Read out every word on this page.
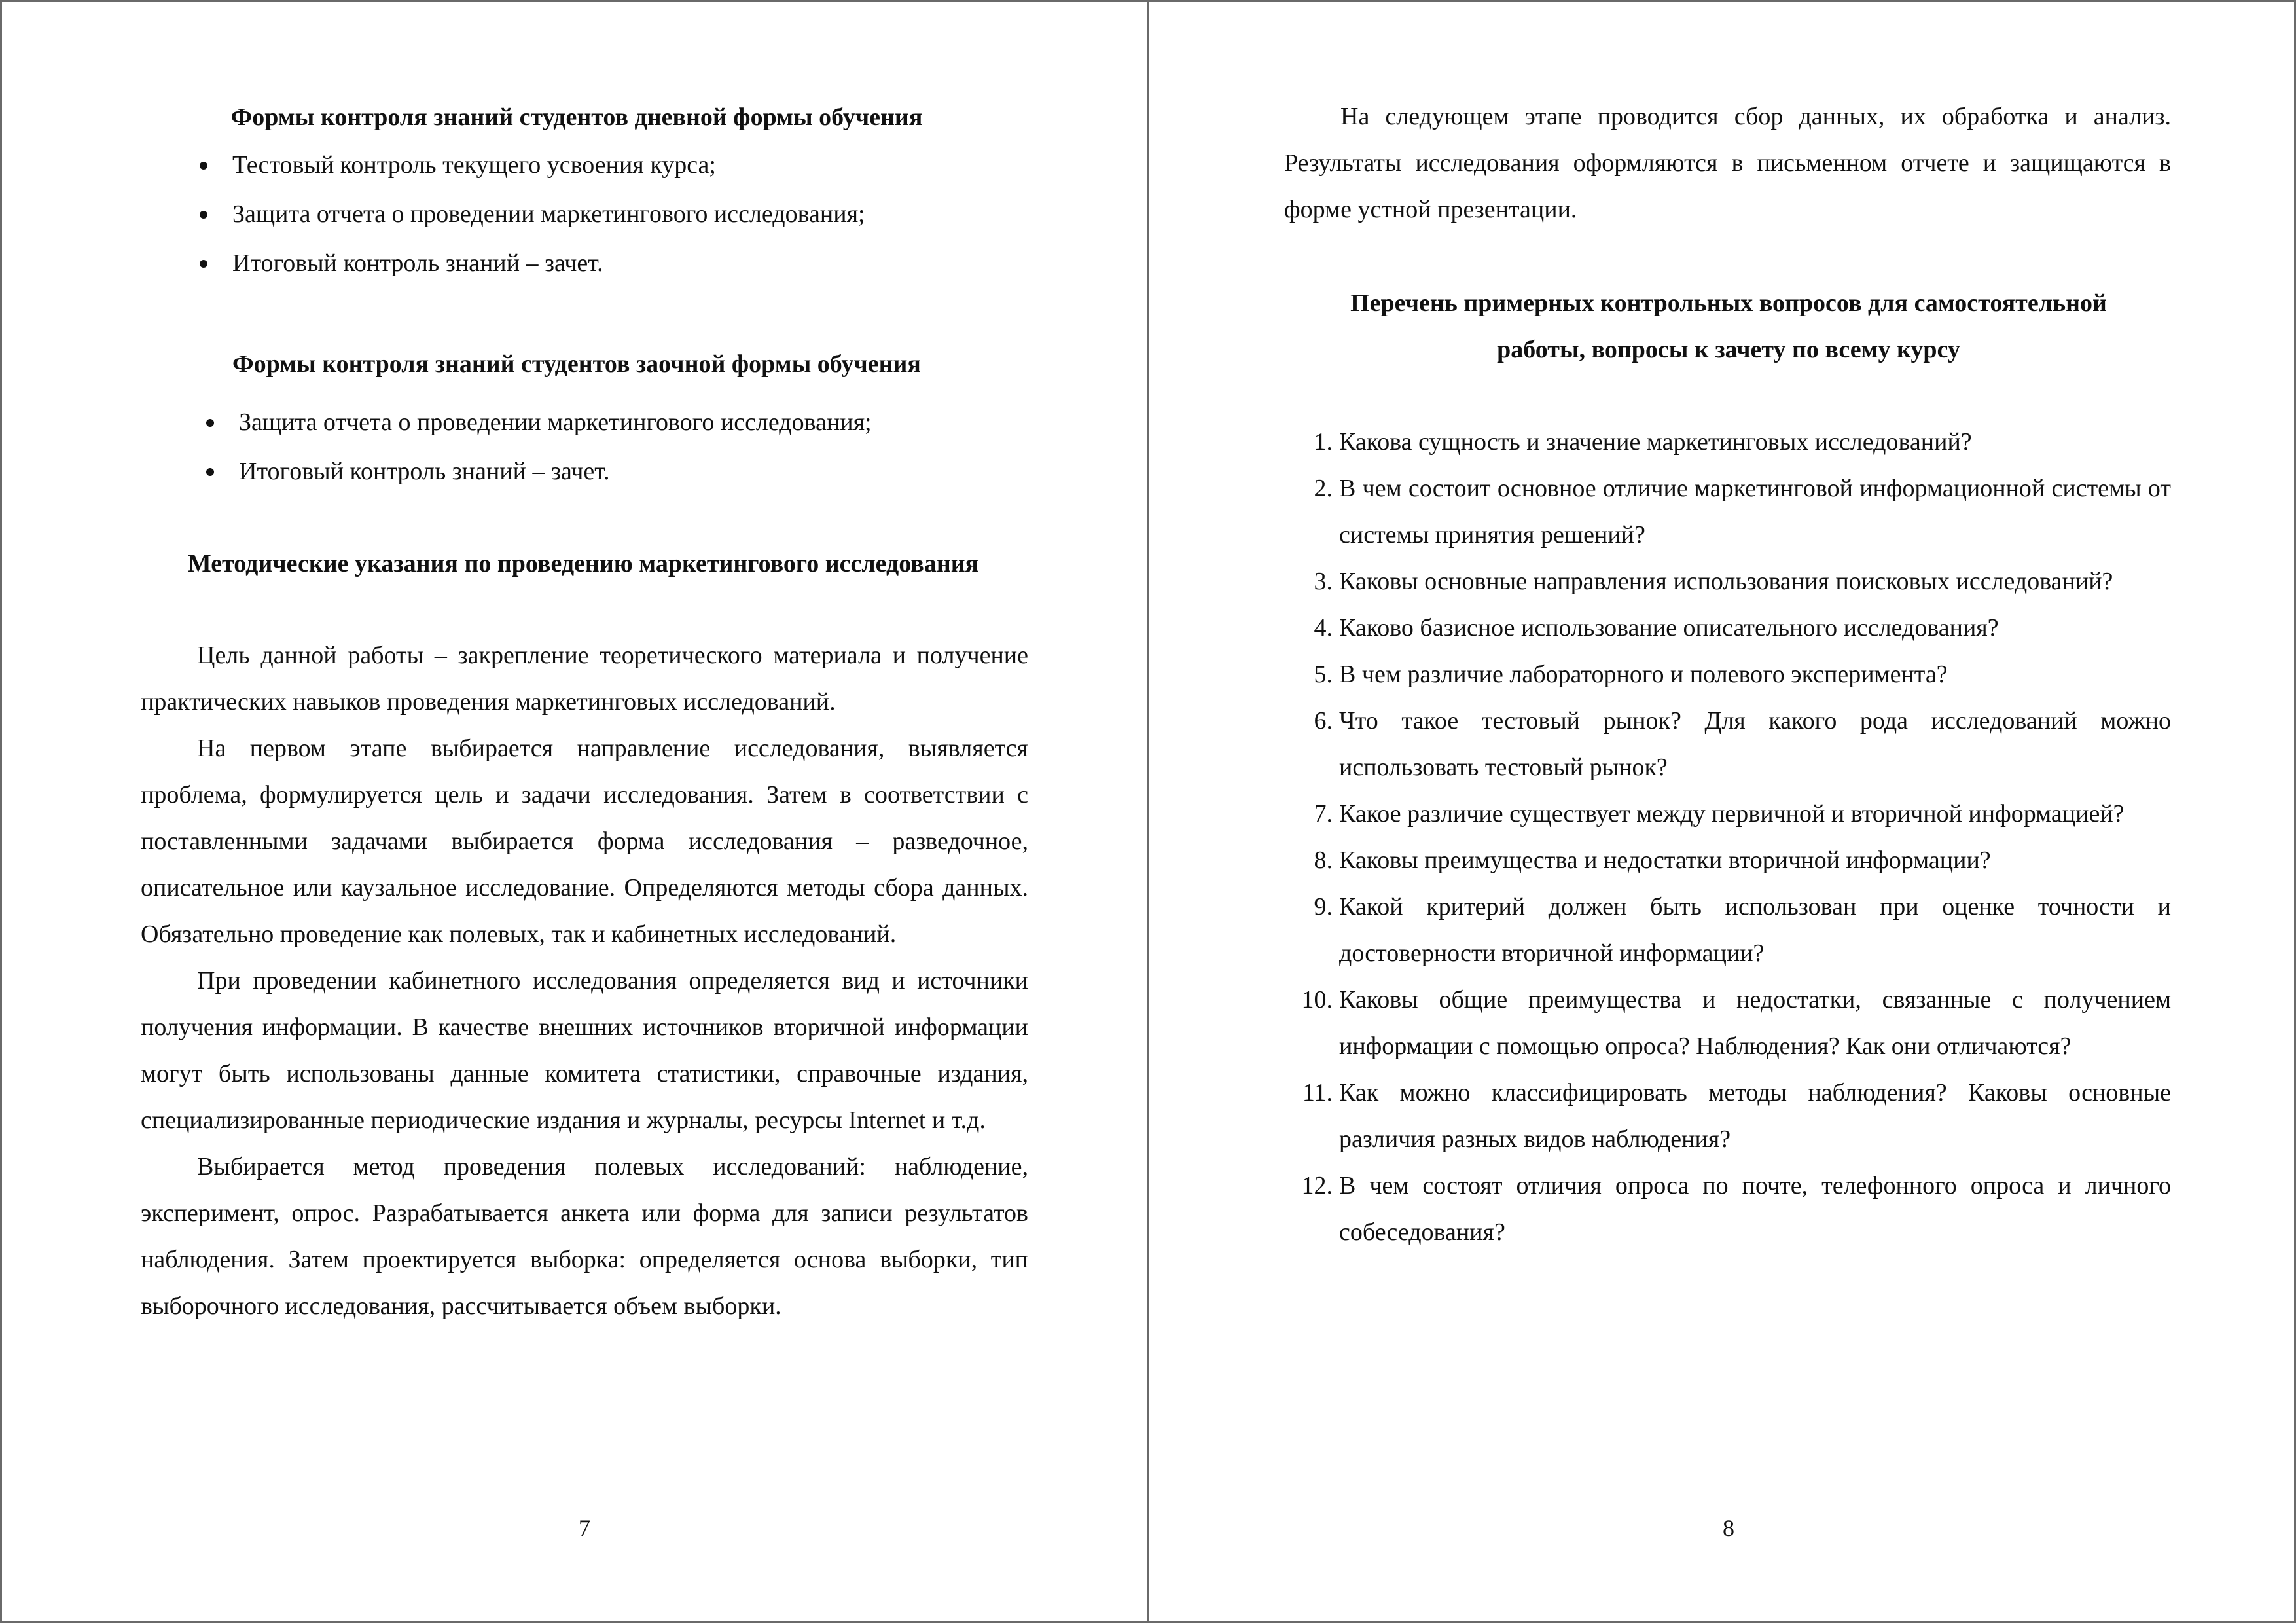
Формы контроля знаний студентов дневной формы обучения
Тестовый контроль текущего усвоения курса;
Защита отчета о проведении маркетингового исследования;
Итоговый контроль знаний – зачет.
Формы контроля знаний студентов заочной формы обучения
Защита отчета о проведении маркетингового исследования;
Итоговый контроль знаний – зачет.
Методические указания по проведению маркетингового исследования

Цель данной работы – закрепление теоретического материала и получение практических навыков проведения маркетинговых исследований.

На первом этапе выбирается направление исследования, выявляется проблема, формулируется цель и задачи исследования. Затем в соответствии с поставленными задачами выбирается форма исследования – разведочное, описательное или каузальное исследование. Определяются методы сбора данных. Обязательно проведение как полевых, так и кабинетных исследований.

При проведении кабинетного исследования определяется вид и источники получения информации. В качестве внешних источников вторичной информации могут быть использованы данные комитета статистики, справочные издания, специализированные периодические издания и журналы, ресурсы Internet и т.д.

Выбирается метод проведения полевых исследований: наблюдение, эксперимент, опрос. Разрабатывается анкета или форма для записи результатов наблюдения. Затем проектируется выборка: определяется основа выборки, тип выборочного исследования, рассчитывается объем выборки.

7

На следующем этапе проводится сбор данных, их обработка и анализ. Результаты исследования оформляются в письменном отчете и защищаются в форме устной презентации.

Перечень примерных контрольных вопросов для самостоятельной работы, вопросы к зачету по всему курсу
1. Какова сущность и значение маркетинговых исследований?
2. В чем состоит основное отличие маркетинговой информационной системы от системы принятия решений?
3. Каковы основные направления использования поисковых исследований?
4. Каково базисное использование описательного исследования?
5. В чем различие лабораторного и полевого эксперимента?
6. Что такое тестовый рынок? Для какого рода исследований можно использовать тестовый рынок?
7. Какое различие существует между первичной и вторичной информацией?
8. Каковы преимущества и недостатки вторичной информации?
9. Какой критерий должен быть использован при оценке точности и достоверности вторичной информации?
10. Каковы общие преимущества и недостатки, связанные с получением информации с помощью опроса? Наблюдения? Как они отличаются?
11. Как можно классифицировать методы наблюдения? Каковы основные различия разных видов наблюдения?
12. В чем состоят отличия опроса по почте, телефонного опроса и личного собеседования?
8
